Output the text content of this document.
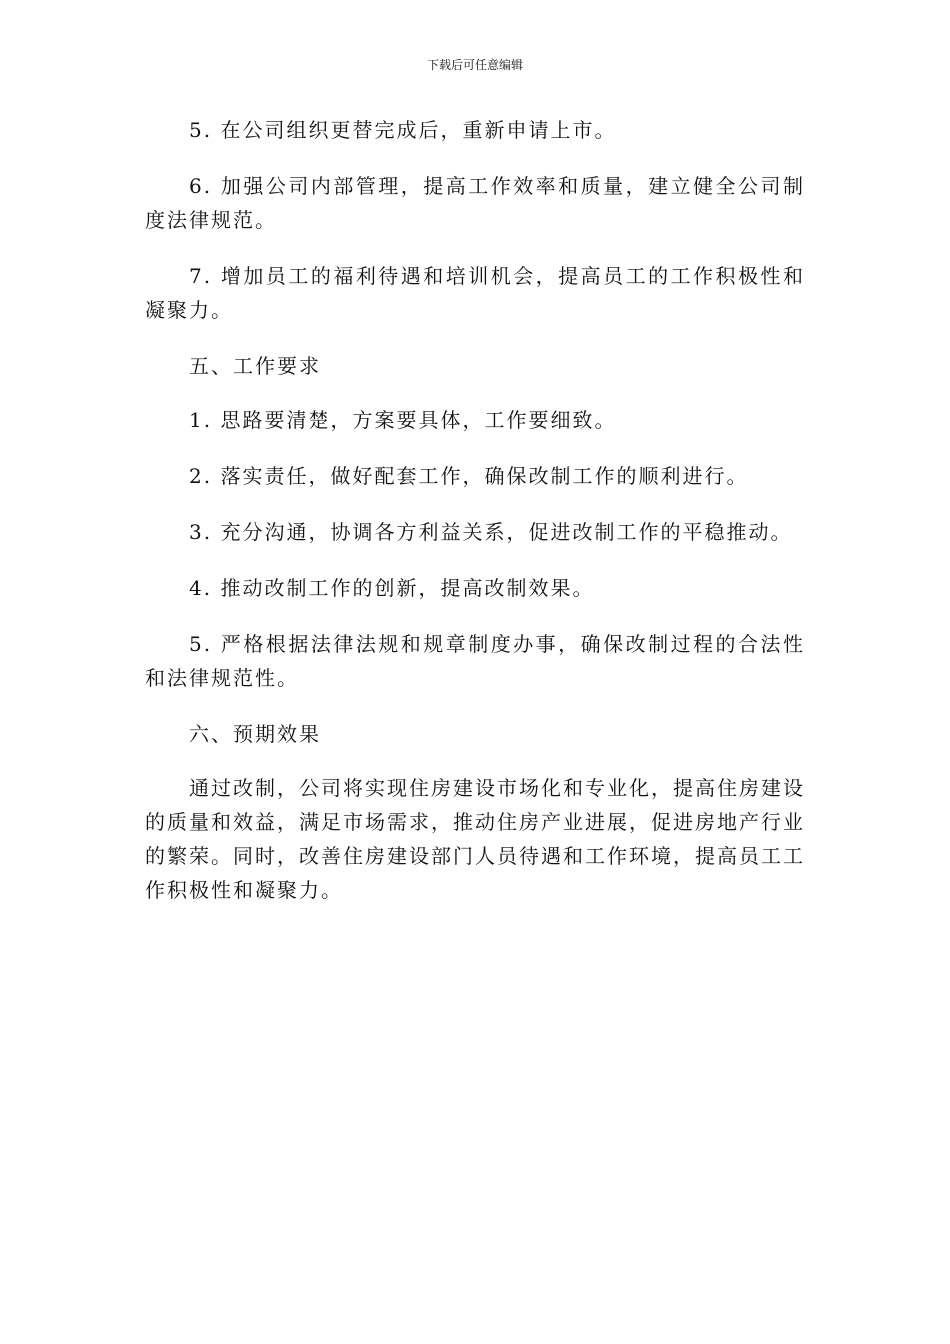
下载后可任意编辑

5. 在公司组织更替完成后，重新申请上市。

6. 加强公司内部管理，提高工作效率和质量，建立健全公司制度法律规范。

7. 增加员工的福利待遇和培训机会，提高员工的工作积极性和凝聚力。

五、工作要求

1. 思路要清楚，方案要具体，工作要细致。

2. 落实责任，做好配套工作，确保改制工作的顺利进行。

3. 充分沟通，协调各方利益关系，促进改制工作的平稳推动。

4. 推动改制工作的创新，提高改制效果。

5. 严格根据法律法规和规章制度办事，确保改制过程的合法性和法律规范性。

六、预期效果

通过改制，公司将实现住房建设市场化和专业化，提高住房建设的质量和效益，满足市场需求，推动住房产业进展，促进房地产行业的繁荣。同时，改善住房建设部门人员待遇和工作环境，提高员工工作积极性和凝聚力。
